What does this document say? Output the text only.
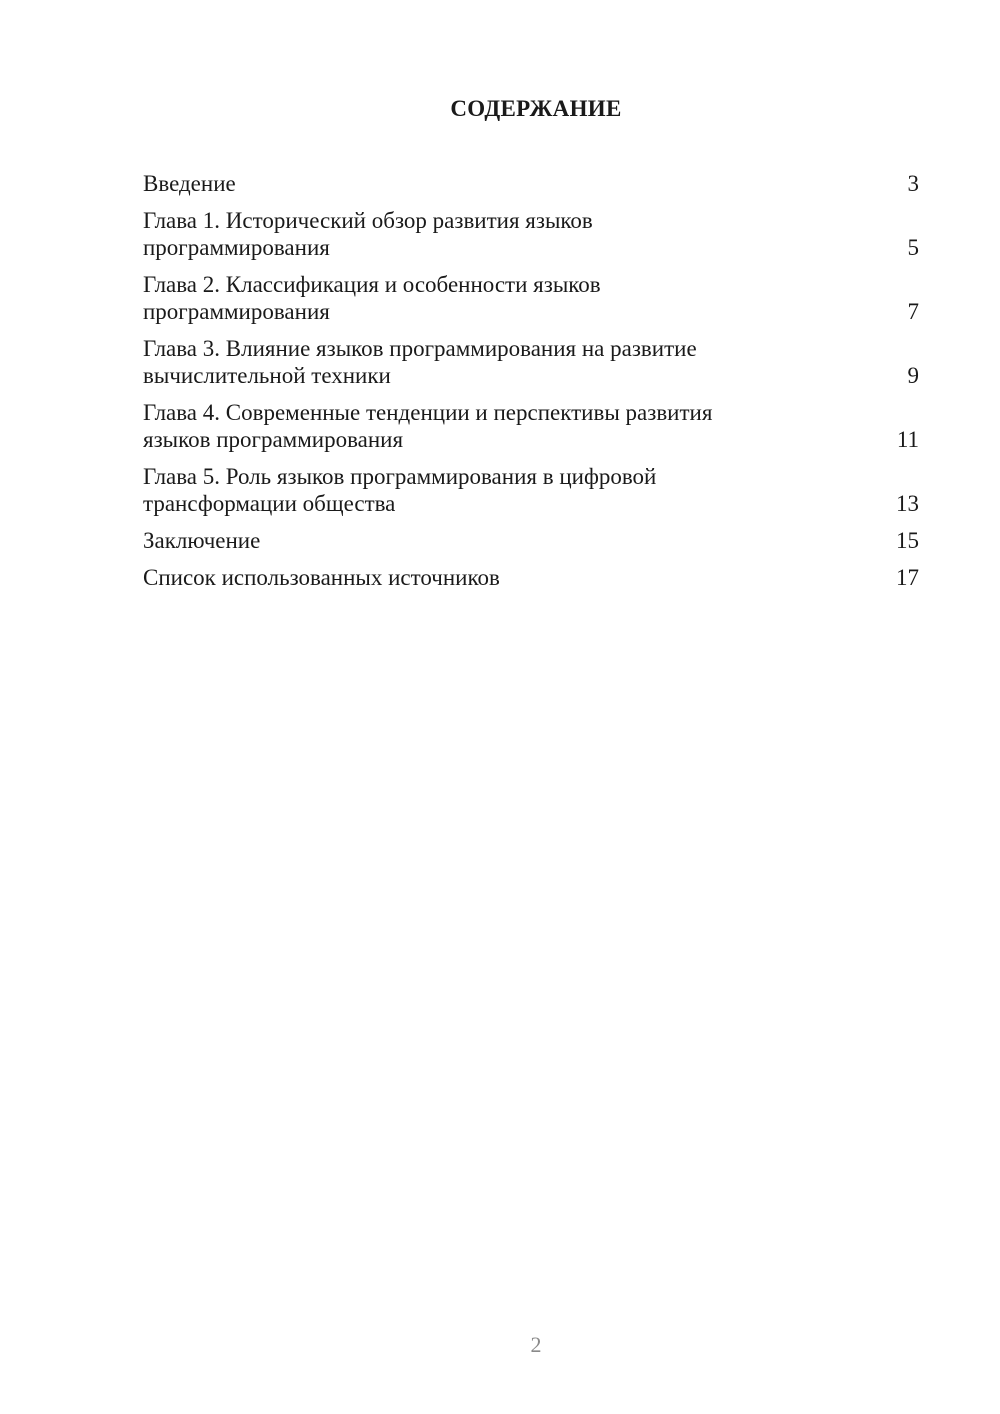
СОДЕРЖАНИЕ
Введение	3
Глава 1. Исторический обзор развития языков программирования	5
Глава 2. Классификация и особенности языков программирования	7
Глава 3. Влияние языков программирования на развитие вычислительной техники	9
Глава 4. Современные тенденции и перспективы развития языков программирования	11
Глава 5. Роль языков программирования в цифровой трансформации общества	13
Заключение	15
Список использованных источников	17
2
